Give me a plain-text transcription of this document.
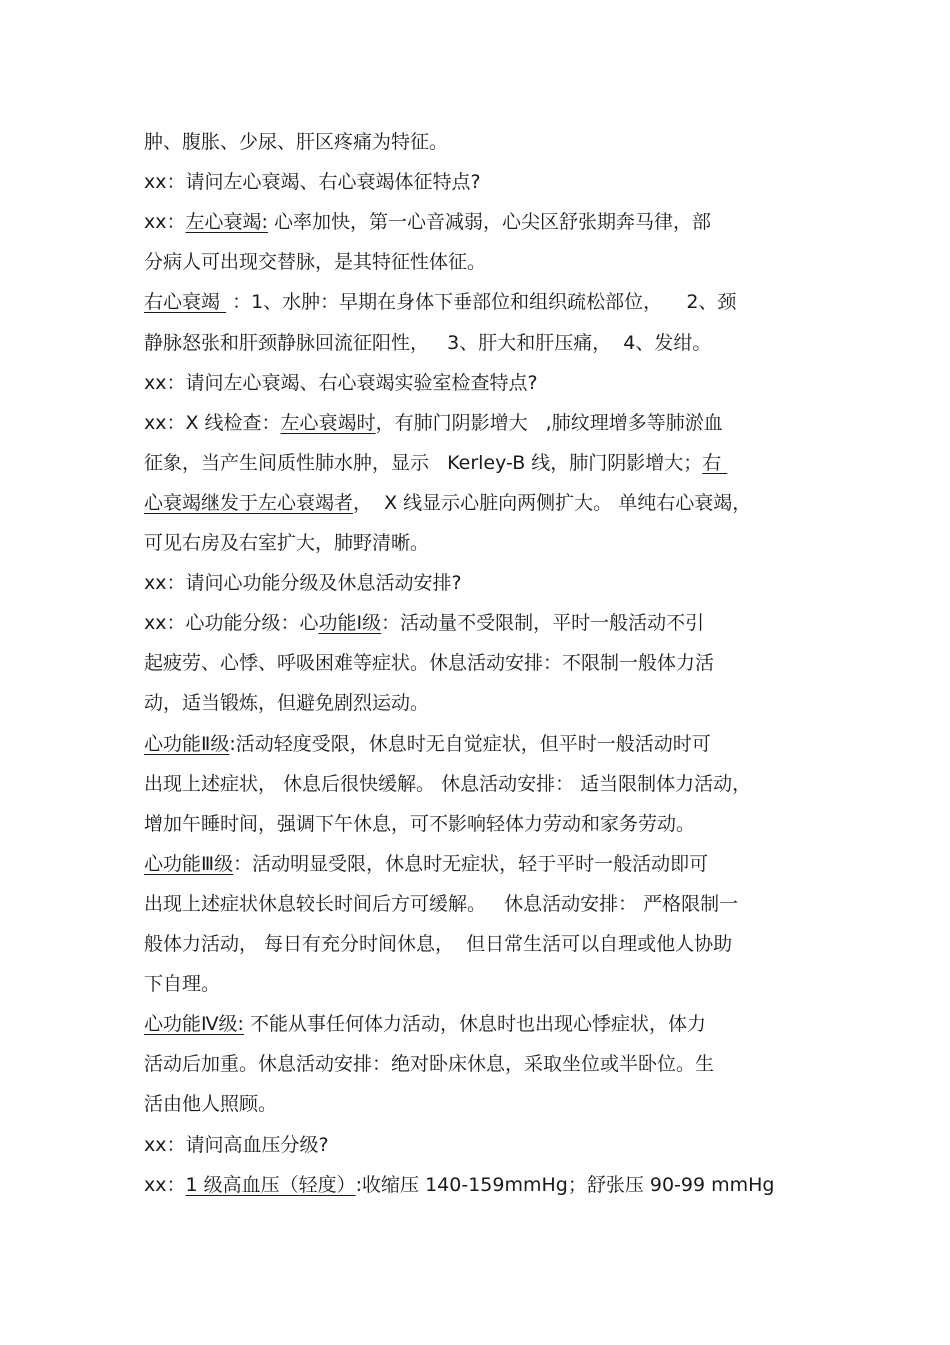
肿、腹胀、少尿、肝区疼痛为特征。
xx：请问左心衰竭、右心衰竭体征特点?
xx：左心衰竭: 心率加快，第一心音减弱，心尖区舒张期奔马律，部
分病人可出现交替脉，是其特征性体征。
右心衰竭  ：1、水肿：早期在身体下垂部位和组织疏松部位，    2、颈
静脉怒张和肝颈静脉回流征阳性，   3、肝大和肝压痛，  4、发绀。
xx：请问左心衰竭、右心衰竭实验室检查特点?
xx：X 线检查：左心衰竭时，有肺门阴影增大   ,肺纹理增多等肺淤血
征象，当产生间质性肺水肿，显示   Kerley-B 线，肺门阴影增大；右
心衰竭继发于左心衰竭者，  X 线显示心脏向两侧扩大。 单纯右心衰竭，
可见右房及右室扩大，肺野清晰。
xx：请问心功能分级及休息活动安排?
xx：心功能分级：心功能Ⅰ级：活动量不受限制，平时一般活动不引
起疲劳、心悸、呼吸困难等症状。休息活动安排：不限制一般体力活
动，适当锻炼，但避免剧烈运动。
心功能Ⅱ级:活动轻度受限，休息时无自觉症状，但平时一般活动时可
出现上述症状， 休息后很快缓解。 休息活动安排： 适当限制体力活动，
增加午睡时间，强调下午休息，可不影响轻体力劳动和家务劳动。
心功能Ⅲ级：活动明显受限，休息时无症状，轻于平时一般活动即可
出现上述症状休息较长时间后方可缓解。   休息活动安排： 严格限制一
般体力活动， 每日有充分时间休息，  但日常生活可以自理或他人协助
下自理。
心功能Ⅳ级: 不能从事任何体力活动，休息时也出现心悸症状，体力
活动后加重。休息活动安排：绝对卧床休息，采取坐位或半卧位。生
活由他人照顾。
xx：请问高血压分级?
xx：1 级高血压（轻度）:收缩压 140-159mmHg；舒张压 90-99 mmHg
